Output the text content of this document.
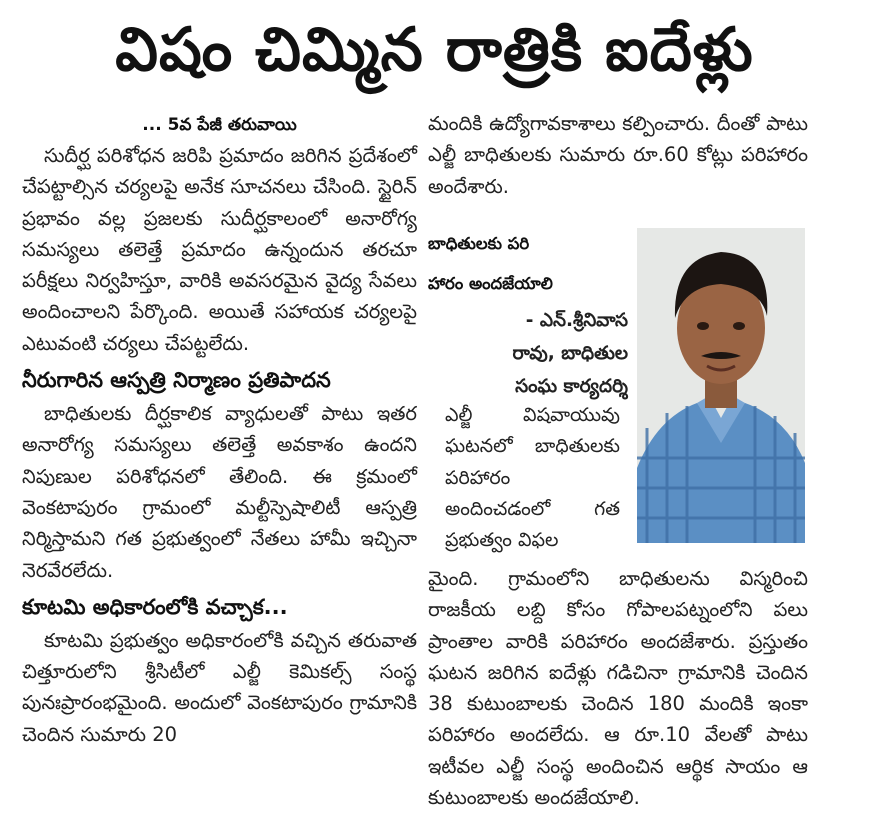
విషం చిమ్మిన రాత్రికి ఐదేళ్లు

... 5వ పేజీ తరువాయి

సుదీర్ఘ పరిశోధన జరిపి ప్రమాదం జరిగిన ప్రదేశంలో చేపట్టాల్సిన చర్యలపై అనేక సూచనలు చేసింది. స్టైరిన్ ప్రభావం వల్ల ప్రజలకు సుదీర్ఘకాలంలో అనారోగ్య సమస్యలు తలెత్తే ప్రమాదం ఉన్నందున తరచూ పరీక్షలు నిర్వహిస్తూ, వారికి అవసరమైన వైద్య సేవలు అందించాలని పేర్కొంది. అయితే సహాయక చర్యలపై ఎటువంటి చర్యలు చేపట్టలేదు.

నీరుగారిన ఆస్పత్రి నిర్మాణం ప్రతిపాదన

బాధితులకు దీర్ఘకాలిక వ్యాధులతో పాటు ఇతర అనారోగ్య సమస్యలు తలెత్తే అవకాశం ఉందని నిపుణుల పరిశోధనలో తేలింది. ఈ క్రమంలో వెంకటాపురం గ్రామంలో మల్టీస్పెషాలిటీ ఆస్పత్రి నిర్మిస్తామని గత ప్రభుత్వంలో నేతలు హామీ ఇచ్చినా నెరవేరలేదు.

కూటమి అధికారంలోకి వచ్చాక...

కూటమి ప్రభుత్వం అధికారంలోకి వచ్చిన తరువాత చిత్తూరులోని శ్రీసిటీలో ఎల్జీ కెమికల్స్ సంస్థ పునఃప్రారంభమైంది. అందులో వెంకటాపురం గ్రామానికి చెందిన సుమారు 20

మందికి ఉద్యోగావకాశాలు కల్పించారు. దీంతో పాటు ఎల్జీ బాధితులకు సుమారు రూ.60 కోట్లు పరిహారం అందేశారు.

బాధితులకు పరి

హారం అందజేయాలి

- ఎన్.శ్రీనివాస

రావు, బాధితుల

సంఘ కార్యదర్శి

ఎల్జీ విషవాయువు ఘటనలో బాధితులకు పరిహారం అందించడంలో గత ప్రభుత్వం విఫల

మైంది. గ్రామంలోని బాధితులను విస్మరించి రాజకీయ లబ్ది కోసం గోపాలపట్నంలోని పలు ప్రాంతాల వారికి పరిహారం అందజేశారు. ప్రస్తుతం ఘటన జరిగిన ఐదేళ్లు గడిచినా గ్రామానికి చెందిన 38 కుటుంబాలకు చెందిన 180 మందికి ఇంకా పరిహారం అందలేదు. ఆ రూ.10 వేలతో పాటు ఇటీవల ఎల్జీ సంస్థ అందించిన ఆర్థిక సాయం ఆ కుటుంబాలకు అందజేయాలి.
